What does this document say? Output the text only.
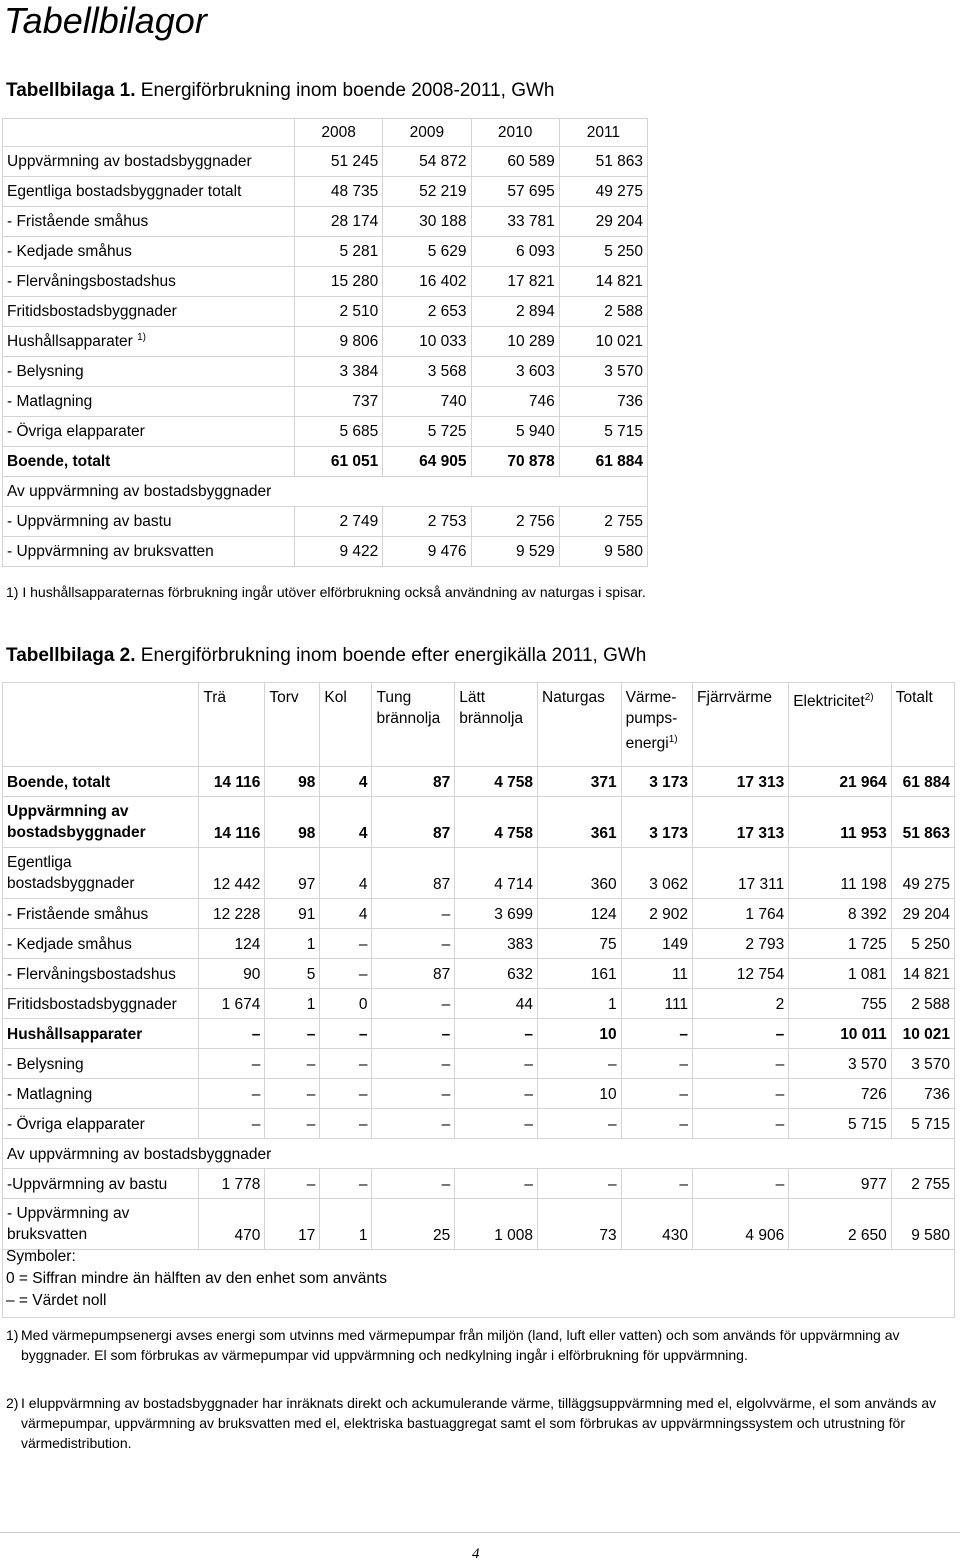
Tabellbilagor
Tabellbilaga 1. Energiförbrukning inom boende 2008-2011, GWh
	2008	2009	2010	2011
Uppvärmning av bostadsbyggnader	51 245	54 872	60 589	51 863
Egentliga bostadsbyggnader totalt	48 735	52 219	57 695	49 275
- Fristående småhus	28 174	30 188	33 781	29 204
- Kedjade småhus	5 281	5 629	6 093	5 250
- Flervåningsbostadshus	15 280	16 402	17 821	14 821
Fritidsbostadsbyggnader	2 510	2 653	2 894	2 588
Hushållsapparater $^{1)}$	9 806	10 033	10 289	10 021
- Belysning	3 384	3 568	3 603	3 570
- Matlagning	737	740	746	736
- Övriga elapparater	5 685	5 725	5 940	5 715
Boende, totalt	61 051	64 905	70 878	61 884
Av uppvärmning av bostadsbyggnader				
- Uppvärmning av bastu	2 749	2 753	2 756	2 755
- Uppvärmning av bruksvatten	9 422	9 476	9 529	9 580
1) I hushållsapparaternas förbrukning ingår utöver elförbrukning också användning av naturgas i spisar.
Tabellbilaga 2. Energiförbrukning inom boende efter energikälla 2011, GWh
	Trä	Torv	Kol	Tung brännolja	Lätt brännolja	Naturgas	Värme-pumps-energi$^{1)}$	Fjärrvärme	Elektricitet$^{2)}$	Totalt
Boende, totalt	14 116	98	4	87	4 758	371	3 173	17 313	21 964	61 884
Uppvärmning av bostadsbyggnader	14 116	98	4	87	4 758	361	3 173	17 313	11 953	51 863
Egentliga bostadsbyggnader	12 442	97	4	87	4 714	360	3 062	17 311	11 198	49 275
- Fristående småhus	12 228	91	4	–	3 699	124	2 902	1 764	8 392	29 204
- Kedjade småhus	124	1	–	–	383	75	149	2 793	1 725	5 250
- Flervåningsbostadshus	90	5	–	87	632	161	11	12 754	1 081	14 821
Fritidsbostadsbyggnader	1 674	1	0	–	44	1	111	2	755	2 588
Hushållsapparater	–	–	–	–	–	10	–	–	10 011	10 021
- Belysning	–	–	–	–	–	–	–	–	3 570	3 570
- Matlagning	–	–	–	–	–	10	–	–	726	736
- Övriga elapparater	–	–	–	–	–	–	–	–	5 715	5 715
Av uppvärmning av bostadsbyggnader										
-Uppvärmning av bastu	1 778	–	–	–	–	–	–	–	977	2 755
- Uppvärmning av bruksvatten	470	17	1	25	1 008	73	430	4 906	2 650	9 580

Symboler:
0 = Siffran mindre än hälften av den enhet som använts
– = Värdet noll
1) Med värmepumpsenergi avses energi som utvinns med värmepumpar från miljön (land, luft eller vatten) och som används för uppvärmning av byggnader. El som förbrukas av värmepumpar vid uppvärmning och nedkylning ingår i elförbrukning för uppvärmning.
2) I eluppvärmning av bostadsbyggnader har inräknats direkt och ackumulerande värme, tilläggsuppvärmning med el, elgolvvärme, el som används av värmepumpar, uppvärmning av bruksvatten med el, elektriska bastuaggregat samt el som förbrukas av uppvärmningssystem och utrustning för värmedistribution.
4
